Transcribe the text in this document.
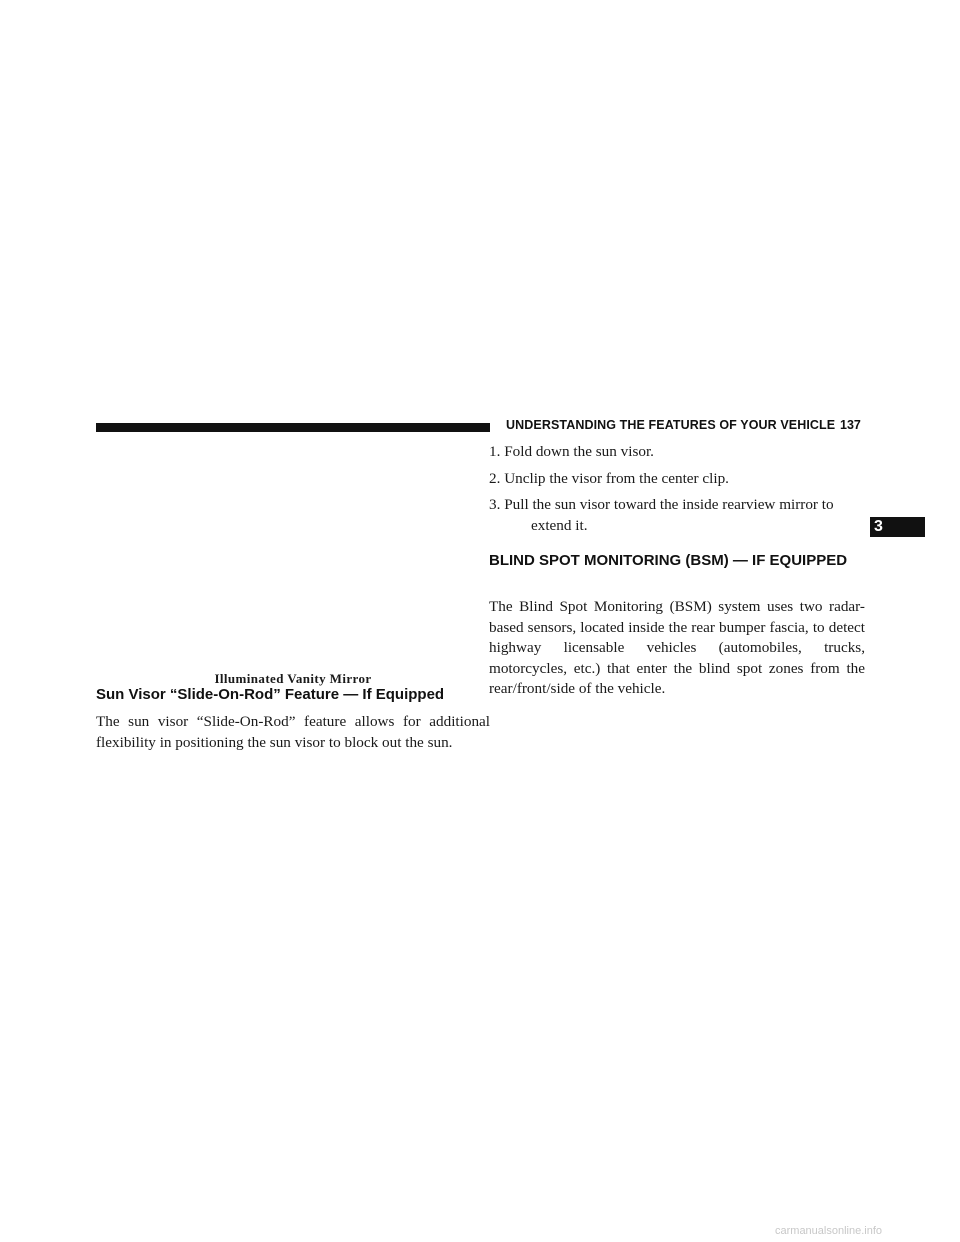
UNDERSTANDING THE FEATURES OF YOUR VEHICLE 137
3
Illuminated Vanity Mirror
Sun Visor “Slide-On-Rod” Feature — If Equipped
The sun visor “Slide-On-Rod” feature allows for additional flexibility in positioning the sun visor to block out the sun.
1. Fold down the sun visor.
2. Unclip the visor from the center clip.
3. Pull the sun visor toward the inside rearview mirror to extend it.
BLIND SPOT MONITORING (BSM) — IF EQUIPPED
The Blind Spot Monitoring (BSM) system uses two radar-based sensors, located inside the rear bumper fascia, to detect highway licensable vehicles (automobiles, trucks, motorcycles, etc.) that enter the blind spot zones from the rear/front/side of the vehicle.
carmanualsonline.info
